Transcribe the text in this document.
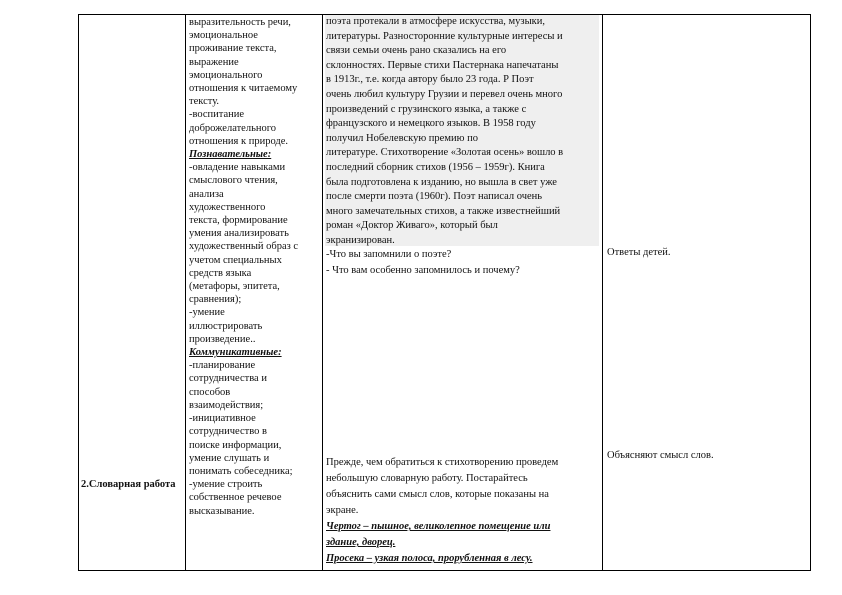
2.Словарная работа

выразительность речи,

эмоциональное

проживание текста,

выражение

эмоционального

отношения к читаемому

тексту.

-воспитание

доброжелательного

отношения к природе.

Познавательные:

-овладение навыками

смыслового чтения,

анализа

художественного

текста, формирование

умения анализировать

художественный образ с

учетом специальных

средств языка

(метафоры, эпитета,

сравнения);

-умение

иллюстрировать

произведение..

Коммуникативные:

-планирование

сотрудничества и

способов

взаимодействия;

-инициативное

сотрудничество в

поиске информации,

умение слушать и

понимать собеседника;

-умение строить

собственное речевое

высказывание.

поэта протекали в атмосфере искусства, музыки,

литературы. Разносторонние культурные интересы и

связи семьи очень рано сказались на его

склонностях. Первые стихи Пастернака напечатаны

в 1913г., т.е. когда автору было 23 года. Р Поэт

очень любил культуру Грузии и перевел очень много

произведений с грузинского языка, а также с

французского и немецкого языков. В 1958 году

получил Нобелевскую премию по

литературе. Стихотворение «Золотая осень» вошло в

последний сборник стихов (1956 – 1959г). Книга

была подготовлена к изданию, но вышла в свет уже

после смерти поэта (1960г). Поэт написал очень

много замечательных стихов, а также известнейший

роман «Доктор Живаго», который был

экранизирован.

-Что вы запомнили о поэте?
- Что вам особенно запомнилось и почему?

Прежде, чем обратиться к стихотворению проведем

небольшую словарную работу. Постарайтесь

объяснить сами смысл слов, которые показаны на

экране.

Чертог – пышное, великолепное помещение или

здание, дворец.

Просека – узкая полоса, прорубленная в лесу.

Ответы детей.
Объясняют смысл слов.
